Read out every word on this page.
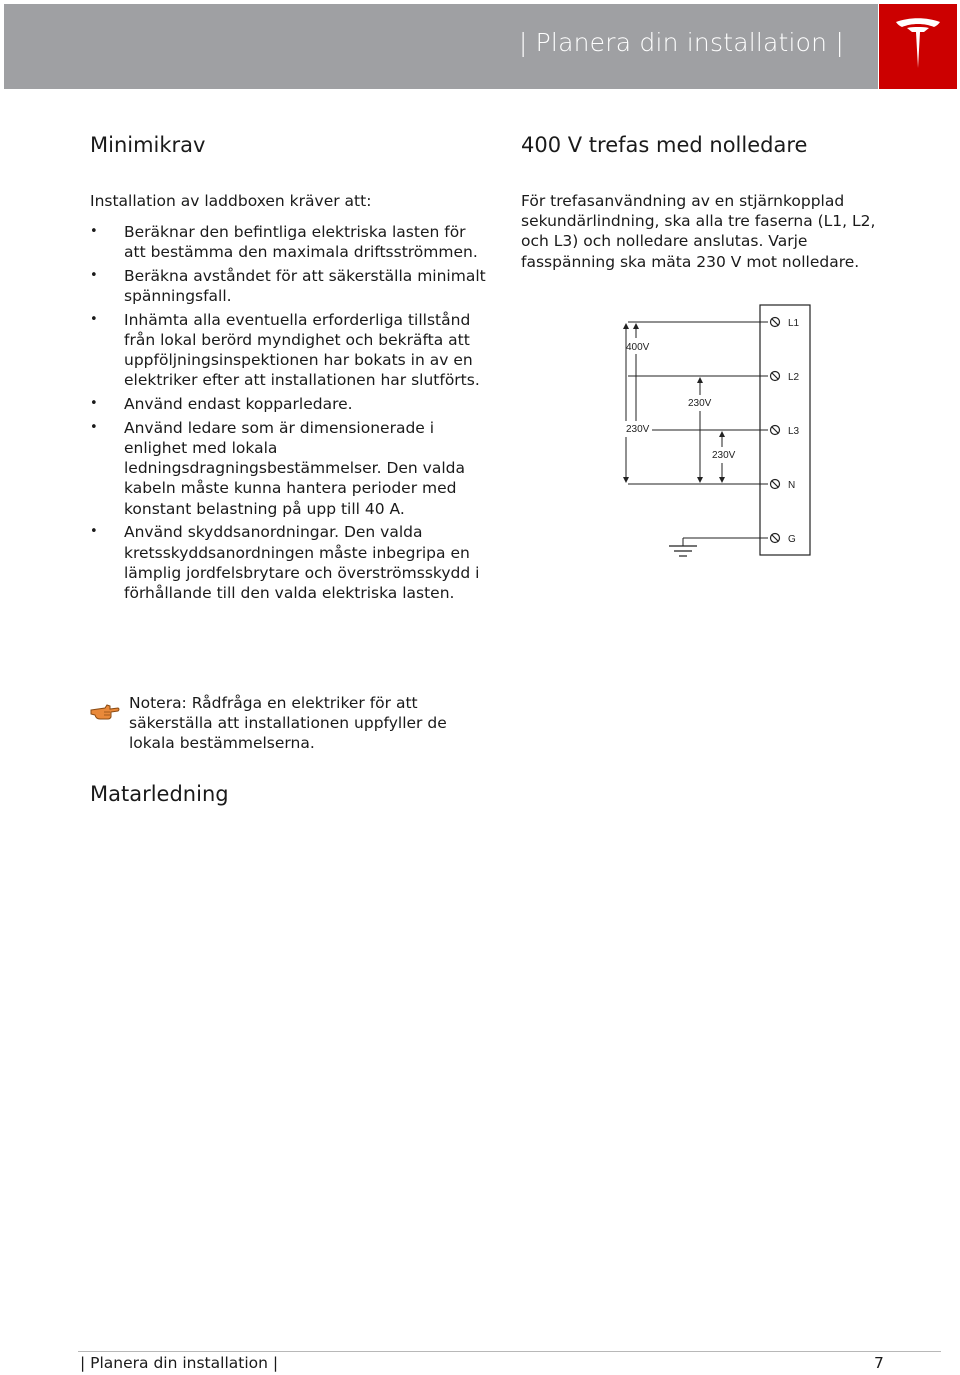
| Planera din installation |
Minimikrav
Installation av laddboxen kräver att:
• Beräknar den befintliga elektriska lasten för att bestämma den maximala driftsströmmen.
• Beräkna avståndet för att säkerställa minimalt spänningsfall.
• Inhämta alla eventuella erforderliga tillstånd från lokal berörd myndighet och bekräfta att uppföljningsinspektionen har bokats in av en elektriker efter att installationen har slutförts.
• Använd endast kopparledare.
• Använd ledare som är dimensionerade i enlighet med lokala ledningsdragningsbestämmelser. Den valda kabeln måste kunna hantera perioder med konstant belastning på upp till 40 A.
• Använd skyddsanordningar. Den valda kretsskyddsanordningen måste inbegripa en lämplig jordfelsbrytare och överströmsskydd i förhållande till den valda elektriska lasten.
Notera: Rådfråga en elektriker för att säkerställa att installationen uppfyller de lokala bestämmelserna.
Matarledning
400 V trefas med nolledare
För trefasanvändning av en stjärnkopplad sekundärlindning, ska alla tre faserna (L1, L2, och L3) och nolledare anslutas. Varje fasspänning ska mäta 230 V mot nolledare.
L1
L2
L3
N
G
400V
230V
230V
230V
| Planera din installation |	7
